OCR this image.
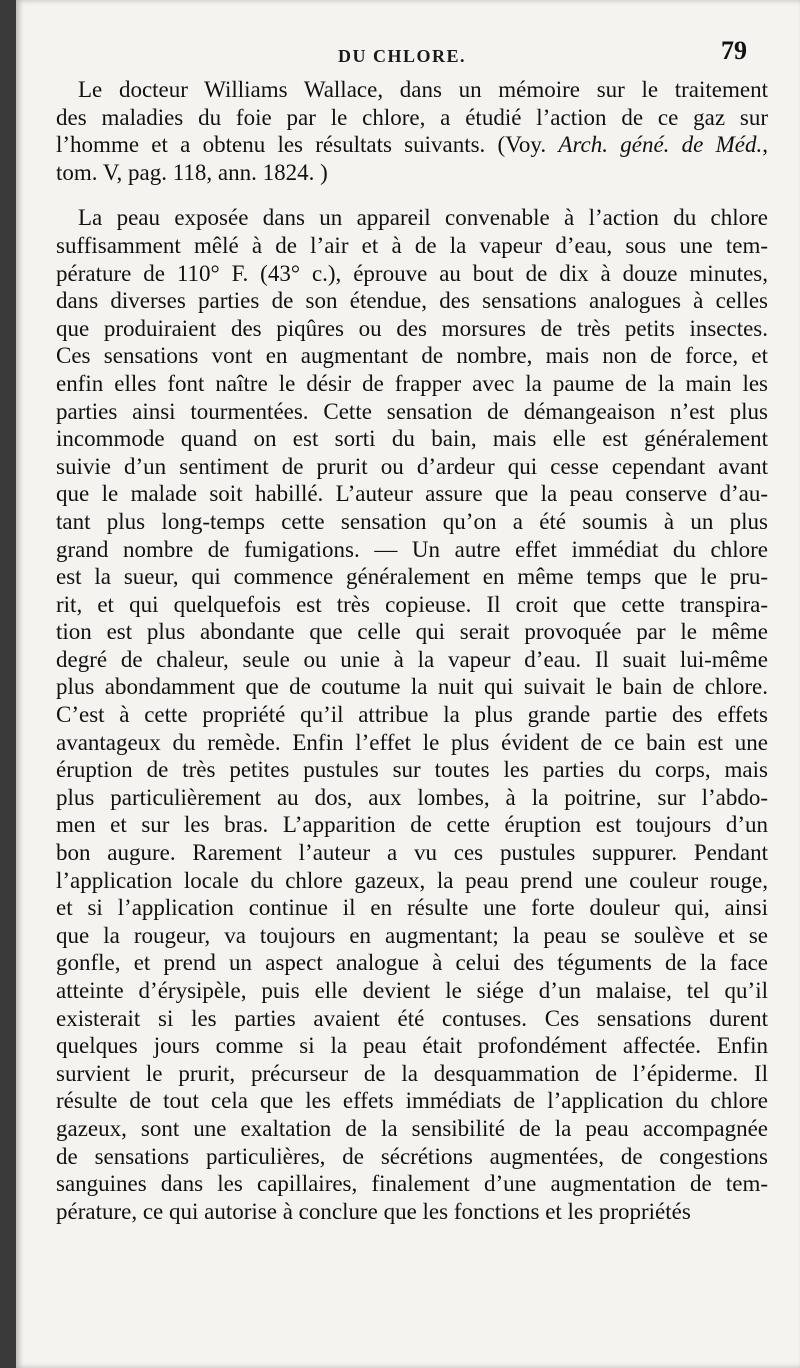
DU CHLORE.	79
Le docteur Williams Wallace, dans un mémoire sur le traitement
des maladies du foie par le chlore, a étudié l’action de ce gaz sur
l’homme et a obtenu les résultats suivants. (Voy. Arch. géné. de Méd.,
tom. V, pag. 118, ann. 1824. )
La peau exposée dans un appareil convenable à l’action du chlore
suffisamment mêlé à de l’air et à de la vapeur d’eau, sous une tem-
pérature de 110° F. (43° c.), éprouve au bout de dix à douze minutes,
dans diverses parties de son étendue, des sensations analogues à celles
que produiraient des piqûres ou des morsures de très petits insectes.
Ces sensations vont en augmentant de nombre, mais non de force, et
enfin elles font naître le désir de frapper avec la paume de la main les
parties ainsi tourmentées. Cette sensation de démangeaison n’est plus
incommode quand on est sorti du bain, mais elle est généralement
suivie d’un sentiment de prurit ou d’ardeur qui cesse cependant avant
que le malade soit habillé. L’auteur assure que la peau conserve d’au-
tant plus long-temps cette sensation qu’on a été soumis à un plus
grand nombre de fumigations. — Un autre effet immédiat du chlore
est la sueur, qui commence généralement en même temps que le pru-
rit, et qui quelquefois est très copieuse. Il croit que cette transpira-
tion est plus abondante que celle qui serait provoquée par le même
degré de chaleur, seule ou unie à la vapeur d’eau. Il suait lui-même
plus abondamment que de coutume la nuit qui suivait le bain de chlore.
C’est à cette propriété qu’il attribue la plus grande partie des effets
avantageux du remède. Enfin l’effet le plus évident de ce bain est une
éruption de très petites pustules sur toutes les parties du corps, mais
plus particulièrement au dos, aux lombes, à la poitrine, sur l’abdo-
men et sur les bras. L’apparition de cette éruption est toujours d’un
bon augure. Rarement l’auteur a vu ces pustules suppurer. Pendant
l’application locale du chlore gazeux, la peau prend une couleur rouge,
et si l’application continue il en résulte une forte douleur qui, ainsi
que la rougeur, va toujours en augmentant; la peau se soulève et se
gonfle, et prend un aspect analogue à celui des téguments de la face
atteinte d’érysipèle, puis elle devient le siége d’un malaise, tel qu’il
existerait si les parties avaient été contuses. Ces sensations durent
quelques jours comme si la peau était profondément affectée. Enfin
survient le prurit, précurseur de la desquammation de l’épiderme. Il
résulte de tout cela que les effets immédiats de l’application du chlore
gazeux, sont une exaltation de la sensibilité de la peau accompagnée
de sensations particulières, de sécrétions augmentées, de congestions
sanguines dans les capillaires, finalement d’une augmentation de tem-
pérature, ce qui autorise à conclure que les fonctions et les propriétés
